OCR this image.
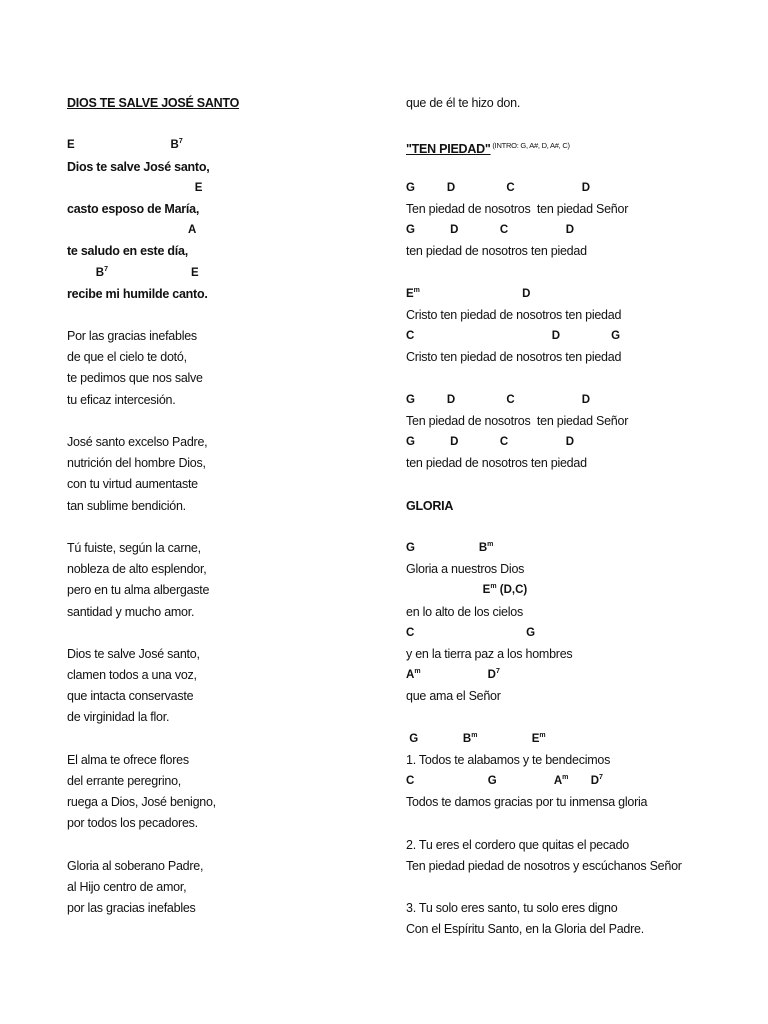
DIOS TE SALVE JOSÉ SANTO
E                              $B^7$
Dios te salve José santo,
E
casto esposo de María,
A
te saludo en este día,
$B^7$                          E
recibe mi humilde canto.
Por las gracias inefables
de que el cielo te dotó,
te pedimos que nos salve
tu eficaz intercesión.
José santo excelso Padre,
nutrición del hombre Dios,
con tu virtud aumentaste
tan sublime bendición.
Tú fuiste, según la carne,
nobleza de alto esplendor,
pero en tu alma albergaste
santidad y mucho amor.
Dios te salve José santo,
clamen todos a una voz,
que intacta conservaste
de virginidad la flor.
El alma te ofrece flores
del errante peregrino,
ruega a Dios, José benigno,
por todos los pecadores.
Gloria al soberano Padre,
al Hijo centro de amor,
por las gracias inefables
que de él te hizo don.
"TEN PIEDAD" $^{(INTRO: G, A\#, D, A\#, C)}$
G          D                C                     D
Ten piedad de nosotros  ten piedad Señor
G           D             C                  D
ten piedad de nosotros ten piedad
$E^m$                                D
Cristo ten piedad de nosotros ten piedad
C                                           D                G
Cristo ten piedad de nosotros ten piedad
G          D                C                     D
Ten piedad de nosotros  ten piedad Señor
G           D             C                  D
ten piedad de nosotros ten piedad
GLORIA
G                    $B^m$
Gloria a nuestros Dios
$E^m$ (D,C)
en lo alto de los cielos
C                                   G
y en la tierra paz a los hombres
$A^m$                     $D^7$
que ama el Señor
G              $B^m$                 $E^m$
1. Todos te alabamos y te bendecimos
C                       G                  $A^m$       $D^7$
Todos te damos gracias por tu inmensa gloria
2. Tu eres el cordero que quitas el pecado
Ten piedad piedad de nosotros y escúchanos Señor
3. Tu solo eres santo, tu solo eres digno
Con el Espíritu Santo, en la Gloria del Padre.
